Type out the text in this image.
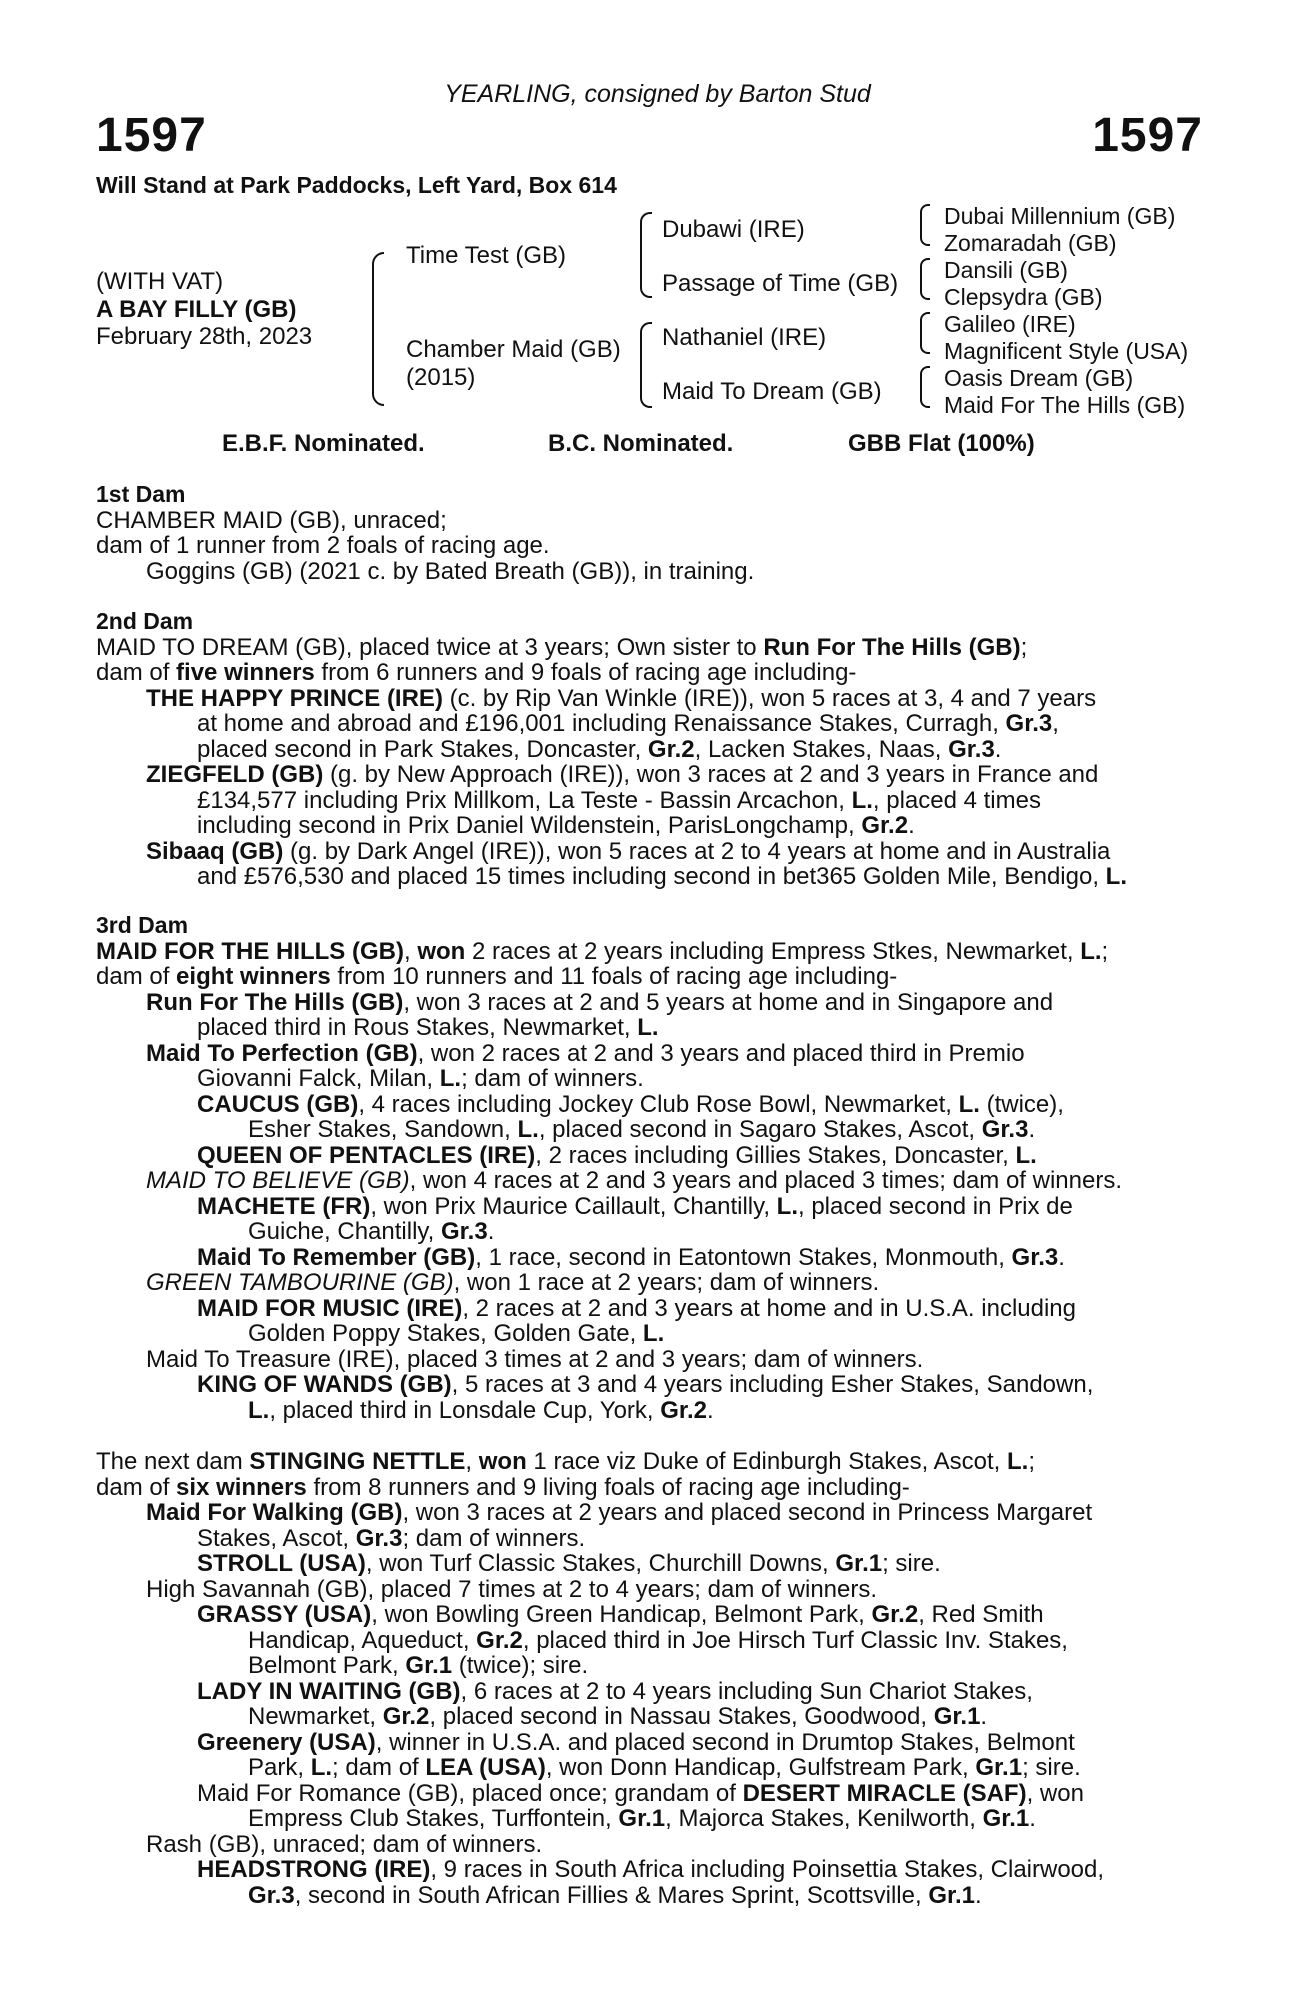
YEARLING, consigned by Barton Stud
1597	1597
Will Stand at Park Paddocks, Left Yard, Box 614
(WITH VAT)
A BAY FILLY (GB)
February 28th, 2023
Time Test (GB)
Chamber Maid (GB)
(2015)
Dubawi (IRE)
Passage of Time (GB)
Nathaniel (IRE)
Maid To Dream (GB)
Dubai Millennium (GB)
Zomaradah (GB)
Dansili (GB)
Clepsydra (GB)
Galileo (IRE)
Magnificent Style (USA)
Oasis Dream (GB)
Maid For The Hills (GB)
E.B.F. Nominated.	B.C. Nominated.	GBB Flat (100%)
1st Dam
CHAMBER MAID (GB), unraced;
dam of 1 runner from 2 foals of racing age.
Goggins (GB) (2021 c. by Bated Breath (GB)), in training.
2nd Dam
MAID TO DREAM (GB), placed twice at 3 years; Own sister to Run For The Hills (GB);
dam of five winners from 6 runners and 9 foals of racing age including-
THE HAPPY PRINCE (IRE) (c. by Rip Van Winkle (IRE)), won 5 races at 3, 4 and 7 years
at home and abroad and £196,001 including Renaissance Stakes, Curragh, Gr.3,
placed second in Park Stakes, Doncaster, Gr.2, Lacken Stakes, Naas, Gr.3.
ZIEGFELD (GB) (g. by New Approach (IRE)), won 3 races at 2 and 3 years in France and
£134,577 including Prix Millkom, La Teste - Bassin Arcachon, L., placed 4 times
including second in Prix Daniel Wildenstein, ParisLongchamp, Gr.2.
Sibaaq (GB) (g. by Dark Angel (IRE)), won 5 races at 2 to 4 years at home and in Australia
and £576,530 and placed 15 times including second in bet365 Golden Mile, Bendigo, L.
3rd Dam
MAID FOR THE HILLS (GB), won 2 races at 2 years including Empress Stkes, Newmarket, L.;
dam of eight winners from 10 runners and 11 foals of racing age including-
Run For The Hills (GB), won 3 races at 2 and 5 years at home and in Singapore and
placed third in Rous Stakes, Newmarket, L.
Maid To Perfection (GB), won 2 races at 2 and 3 years and placed third in Premio
Giovanni Falck, Milan, L.; dam of winners.
CAUCUS (GB), 4 races including Jockey Club Rose Bowl, Newmarket, L. (twice),
Esher Stakes, Sandown, L., placed second in Sagaro Stakes, Ascot, Gr.3.
QUEEN OF PENTACLES (IRE), 2 races including Gillies Stakes, Doncaster, L.
MAID TO BELIEVE (GB), won 4 races at 2 and 3 years and placed 3 times; dam of winners.
MACHETE (FR), won Prix Maurice Caillault, Chantilly, L., placed second in Prix de
Guiche, Chantilly, Gr.3.
Maid To Remember (GB), 1 race, second in Eatontown Stakes, Monmouth, Gr.3.
GREEN TAMBOURINE (GB), won 1 race at 2 years; dam of winners.
MAID FOR MUSIC (IRE), 2 races at 2 and 3 years at home and in U.S.A. including
Golden Poppy Stakes, Golden Gate, L.
Maid To Treasure (IRE), placed 3 times at 2 and 3 years; dam of winners.
KING OF WANDS (GB), 5 races at 3 and 4 years including Esher Stakes, Sandown,
L., placed third in Lonsdale Cup, York, Gr.2.
The next dam STINGING NETTLE, won 1 race viz Duke of Edinburgh Stakes, Ascot, L.;
dam of six winners from 8 runners and 9 living foals of racing age including-
Maid For Walking (GB), won 3 races at 2 years and placed second in Princess Margaret
Stakes, Ascot, Gr.3; dam of winners.
STROLL (USA), won Turf Classic Stakes, Churchill Downs, Gr.1; sire.
High Savannah (GB), placed 7 times at 2 to 4 years; dam of winners.
GRASSY (USA), won Bowling Green Handicap, Belmont Park, Gr.2, Red Smith
Handicap, Aqueduct, Gr.2, placed third in Joe Hirsch Turf Classic Inv. Stakes,
Belmont Park, Gr.1 (twice); sire.
LADY IN WAITING (GB), 6 races at 2 to 4 years including Sun Chariot Stakes,
Newmarket, Gr.2, placed second in Nassau Stakes, Goodwood, Gr.1.
Greenery (USA), winner in U.S.A. and placed second in Drumtop Stakes, Belmont
Park, L.; dam of LEA (USA), won Donn Handicap, Gulfstream Park, Gr.1; sire.
Maid For Romance (GB), placed once; grandam of DESERT MIRACLE (SAF), won
Empress Club Stakes, Turffontein, Gr.1, Majorca Stakes, Kenilworth, Gr.1.
Rash (GB), unraced; dam of winners.
HEADSTRONG (IRE), 9 races in South Africa including Poinsettia Stakes, Clairwood,
Gr.3, second in South African Fillies & Mares Sprint, Scottsville, Gr.1.
